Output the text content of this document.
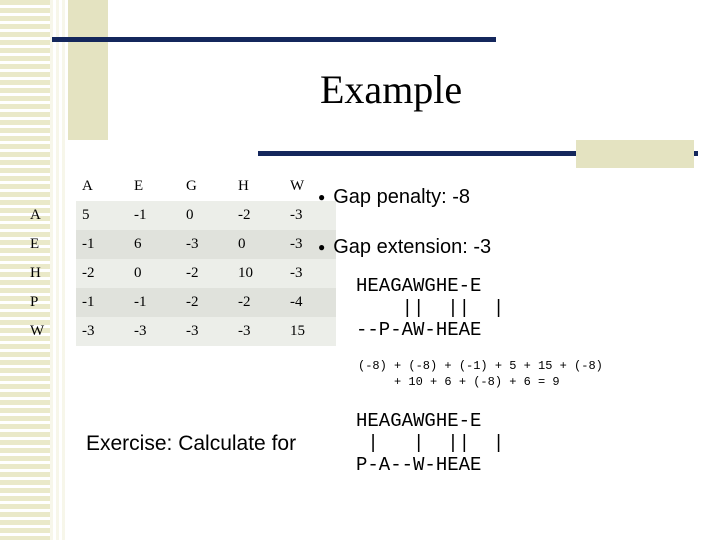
Example
	A	E	G	H	W
A	5	-1	0	-2	-3
E	-1	6	-3	0	-3
H	-2	0	-2	10	-3
P	-1	-1	-2	-2	-4
W	-3	-3	-3	-3	15
● Gap penalty: -8
● Gap extension: -3
HEAGAWGHE-E
||  ||  |
--P-AW-HEAE
(-8) + (-8) + (-1) + 5 + 15 + (-8)
+ 10 + 6 + (-8) + 6 = 9
Exercise: Calculate for
HEAGAWGHE-E
|   |  ||  |
P-A--W-HEAE
